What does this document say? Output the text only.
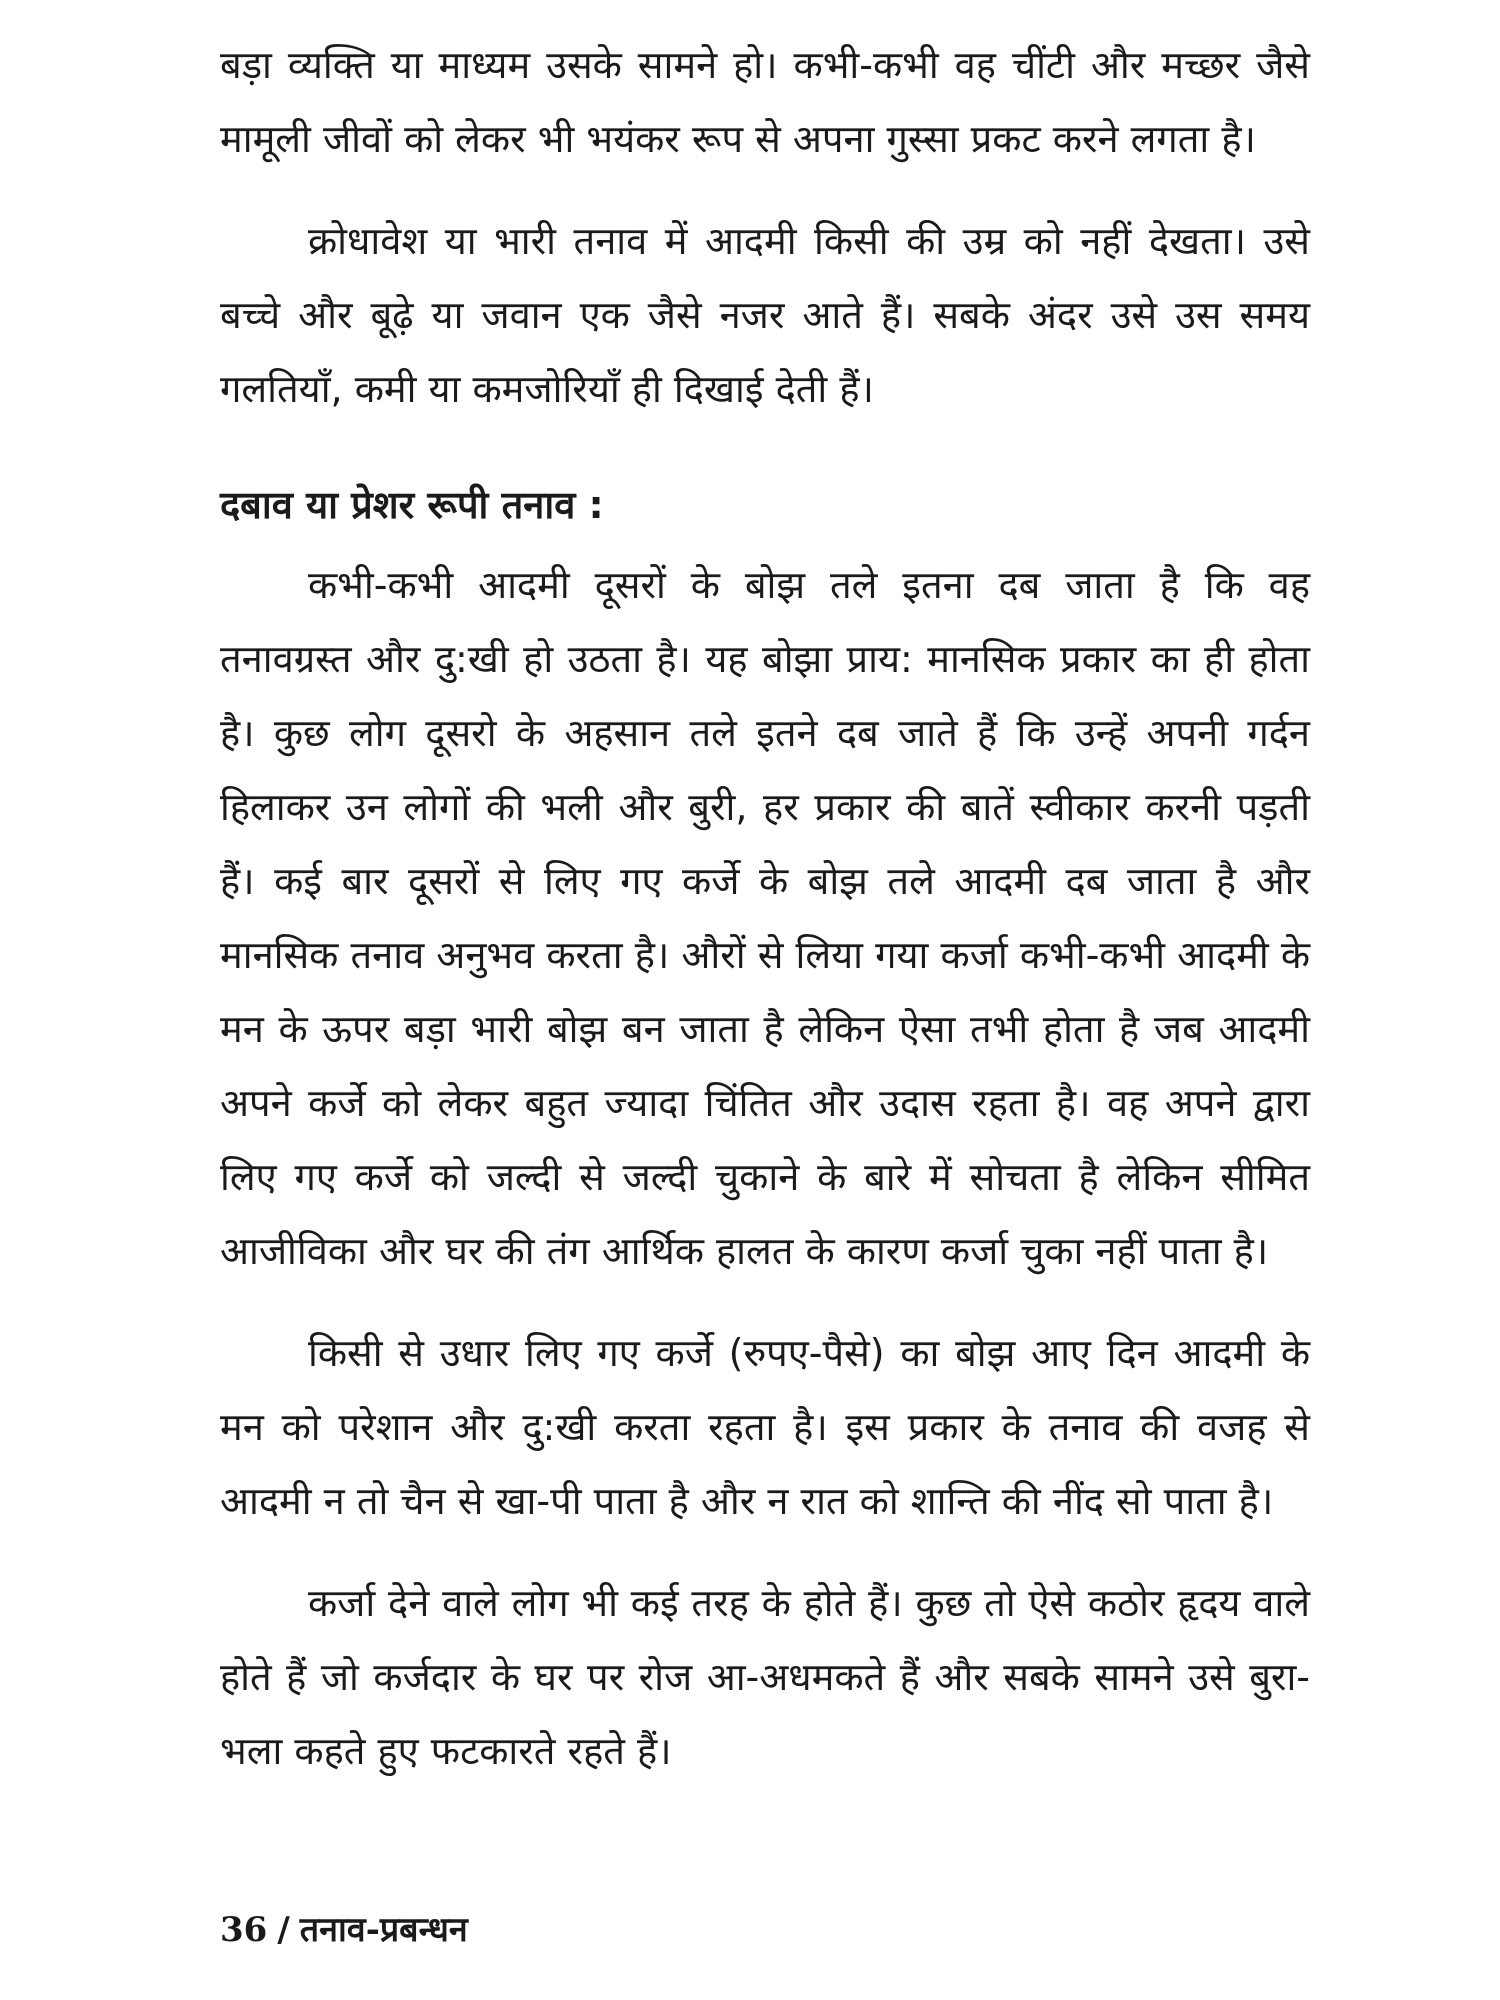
बड़ा व्यक्ति या माध्यम उसके सामने हो। कभी-कभी वह चींटी और मच्छर जैसे मामूली जीवों को लेकर भी भयंकर रूप से अपना गुस्सा प्रकट करने लगता है।

क्रोधावेश या भारी तनाव में आदमी किसी की उम्र को नहीं देखता। उसे बच्चे और बूढ़े या जवान एक जैसे नजर आते हैं। सबके अंदर उसे उस समय गलतियाँ, कमी या कमजोरियाँ ही दिखाई देती हैं।

दबाव या प्रेशर रूपी तनाव :

कभी-कभी आदमी दूसरों के बोझ तले इतना दब जाता है कि वह तनावग्रस्त और दु:खी हो उठता है। यह बोझा प्राय: मानसिक प्रकार का ही होता है। कुछ लोग दूसरो के अहसान तले इतने दब जाते हैं कि उन्हें अपनी गर्दन हिलाकर उन लोगों की भली और बुरी, हर प्रकार की बातें स्वीकार करनी पड़ती हैं। कई बार दूसरों से लिए गए कर्जे के बोझ तले आदमी दब जाता है और मानसिक तनाव अनुभव करता है। औरों से लिया गया कर्जा कभी-कभी आदमी के मन के ऊपर बड़ा भारी बोझ बन जाता है लेकिन ऐसा तभी होता है जब आदमी अपने कर्जे को लेकर बहुत ज्यादा चिंतित और उदास रहता है। वह अपने द्वारा लिए गए कर्जे को जल्दी से जल्दी चुकाने के बारे में सोचता है लेकिन सीमित आजीविका और घर की तंग आर्थिक हालत के कारण कर्जा चुका नहीं पाता है।

किसी से उधार लिए गए कर्जे (रुपए-पैसे) का बोझ आए दिन आदमी के मन को परेशान और दु:खी करता रहता है। इस प्रकार के तनाव की वजह से आदमी न तो चैन से खा-पी पाता है और न रात को शान्ति की नींद सो पाता है।

कर्जा देने वाले लोग भी कई तरह के होते हैं। कुछ तो ऐसे कठोर हृदय वाले होते हैं जो कर्जदार के घर पर रोज आ-अधमकते हैं और सबके सामने उसे बुरा-भला कहते हुए फटकारते रहते हैं।

36 / तनाव-प्रबन्धन
